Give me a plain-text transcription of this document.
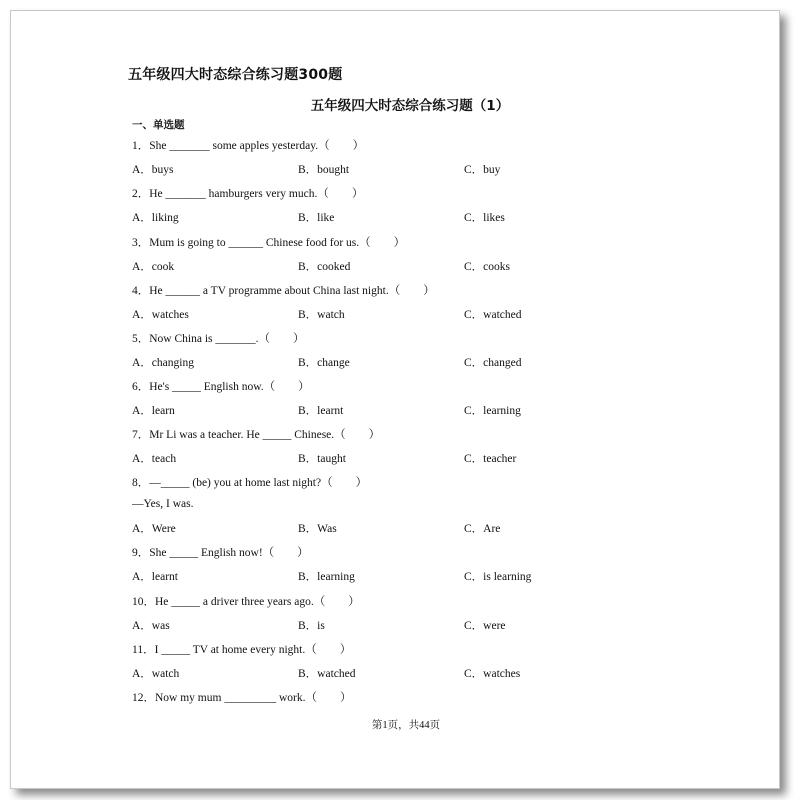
五年级四大时态综合练习题300题
五年级四大时态综合练习题（1）
一、单选题
1．She _______ some apples yesterday.（　　）
A．buys	B．bought	C．buy
2．He _______ hamburgers very much.（　　）
A．liking	B．like	C．likes
3．Mum is going to ______ Chinese food for us.（　　）
A．cook	B．cooked	C．cooks
4．He ______ a TV programme about China last night.（　　）
A．watches	B．watch	C．watched
5．Now China is _______.（　　）
A．changing	B．change	C．changed
6．He's _____ English now.（　　）
A．learn	B．learnt	C．learning
7．Mr Li was a teacher. He _____ Chinese.（　　）
A．teach	B．taught	C．teacher
8．—_____ (be) you at home last night?（　　）
—Yes, I was.
A．Were	B．Was	C．Are
9．She _____ English now!（　　）
A．learnt	B．learning	C．is learning
10．He _____ a driver three years ago.（　　）
A．was	B．is	C．were
11．I _____ TV at home every night.（　　）
A．watch	B．watched	C．watches
12．Now my mum _________ work.（　　）
第1页，共44页
